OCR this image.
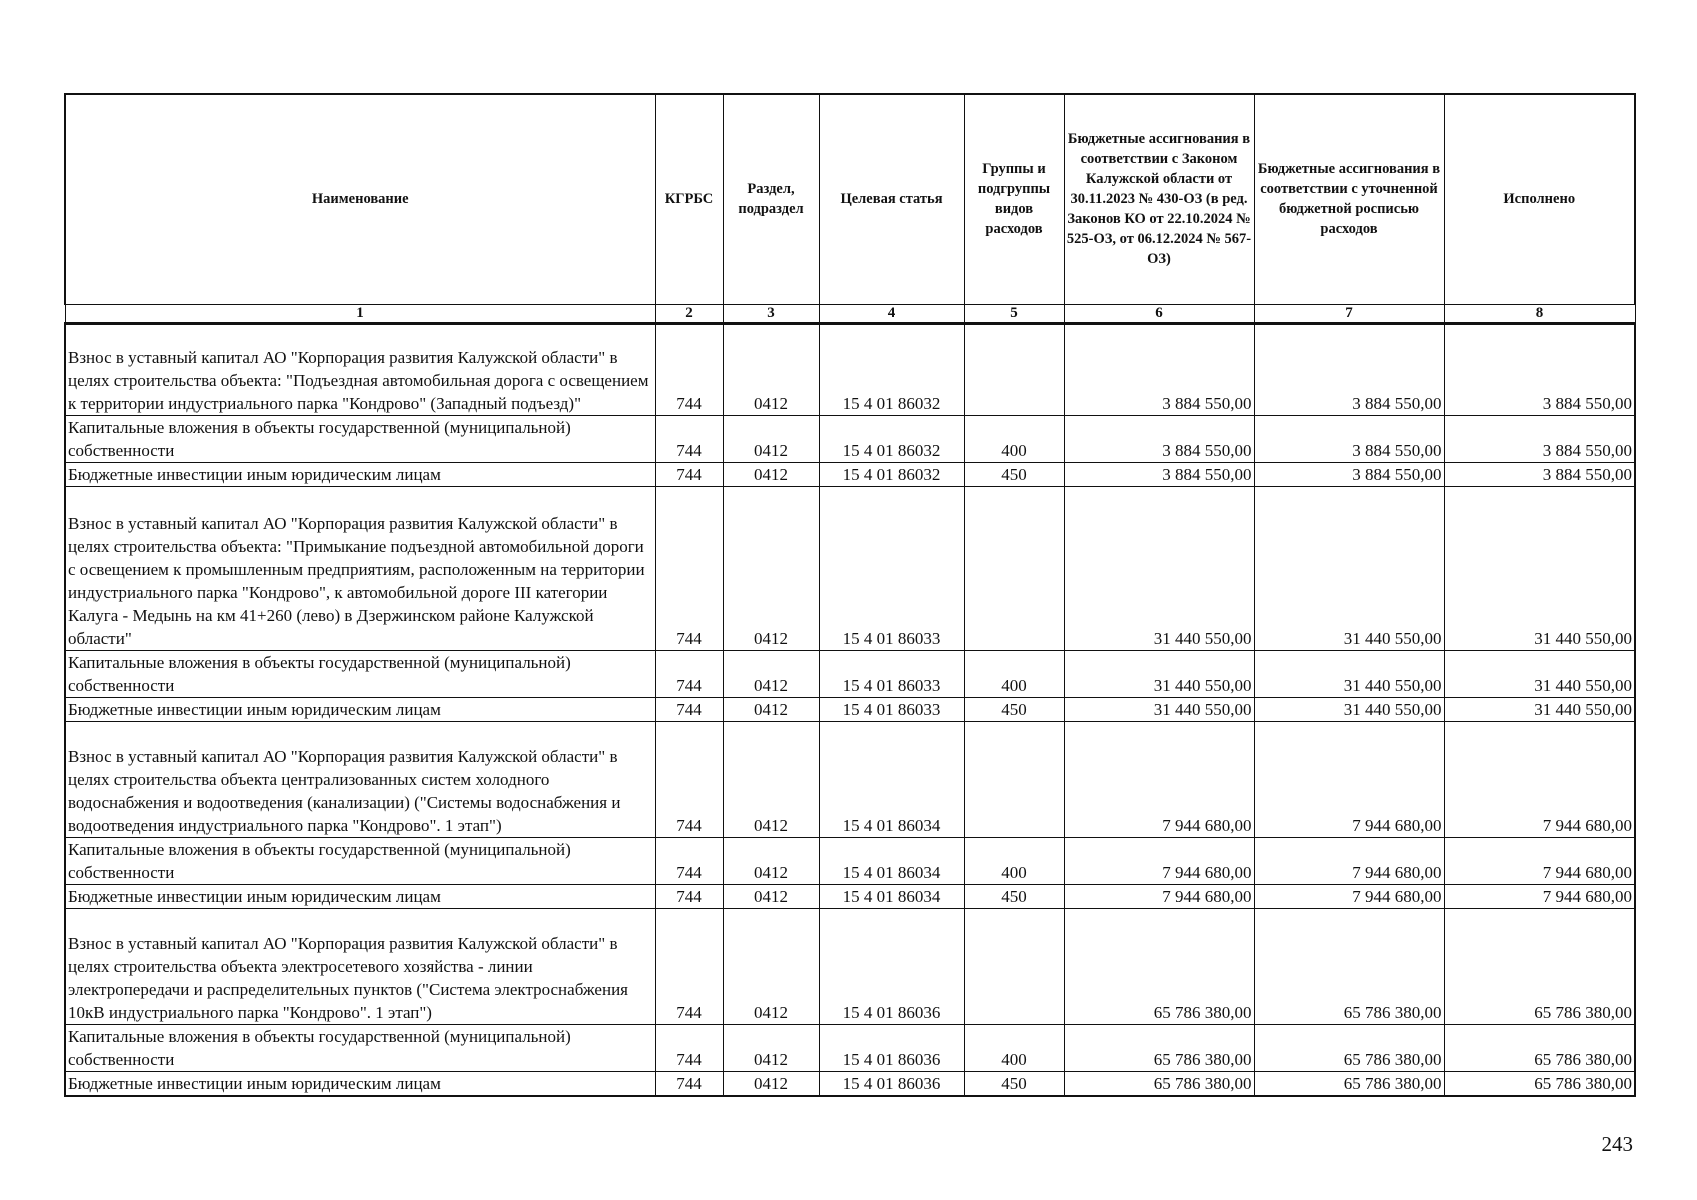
Наименование	КГРБС	Раздел, подраздел	Целевая статья	Группы и подгруппы видов расходов	Бюджетные ассигнования в соответствии с Законом Калужской области от 30.11.2023 № 430-ОЗ (в ред. Законов КО от 22.10.2024 № 525-ОЗ, от 06.12.2024 № 567-ОЗ)	Бюджетные ассигнования в соответствии с уточненной бюджетной росписью расходов	Исполнено
1	2	3	4	5	6	7	8
Взнос в уставный капитал АО "Корпорация развития Калужской области" в целях строительства объекта: "Подъездная автомобильная дорога с освещением к территории индустриального парка "Кондрово" (Западный подъезд)"	744	0412	15 4 01 86032		3 884 550,00	3 884 550,00	3 884 550,00
Капитальные вложения в объекты государственной (муниципальной) собственности	744	0412	15 4 01 86032	400	3 884 550,00	3 884 550,00	3 884 550,00
Бюджетные инвестиции иным юридическим лицам	744	0412	15 4 01 86032	450	3 884 550,00	3 884 550,00	3 884 550,00
Взнос в уставный капитал АО "Корпорация развития Калужской области" в целях строительства объекта: "Примыкание подъездной автомобильной дороги с освещением к промышленным предприятиям, расположенным на территории индустриального парка "Кондрово", к автомобильной дороге III категории Калуга - Медынь на км 41+260 (лево) в Дзержинском районе Калужской области"	744	0412	15 4 01 86033		31 440 550,00	31 440 550,00	31 440 550,00
Капитальные вложения в объекты государственной (муниципальной) собственности	744	0412	15 4 01 86033	400	31 440 550,00	31 440 550,00	31 440 550,00
Бюджетные инвестиции иным юридическим лицам	744	0412	15 4 01 86033	450	31 440 550,00	31 440 550,00	31 440 550,00
Взнос в уставный капитал АО "Корпорация развития Калужской области" в целях строительства объекта централизованных систем холодного водоснабжения и водоотведения (канализации) ("Системы водоснабжения и водоотведения индустриального парка "Кондрово". 1 этап")	744	0412	15 4 01 86034		7 944 680,00	7 944 680,00	7 944 680,00
Капитальные вложения в объекты государственной (муниципальной) собственности	744	0412	15 4 01 86034	400	7 944 680,00	7 944 680,00	7 944 680,00
Бюджетные инвестиции иным юридическим лицам	744	0412	15 4 01 86034	450	7 944 680,00	7 944 680,00	7 944 680,00
Взнос в уставный капитал АО "Корпорация развития Калужской области" в целях строительства объекта электросетевого хозяйства - линии электропередачи и распределительных пунктов ("Система электроснабжения 10кВ индустриального парка "Кондрово". 1 этап")	744	0412	15 4 01 86036		65 786 380,00	65 786 380,00	65 786 380,00
Капитальные вложения в объекты государственной (муниципальной) собственности	744	0412	15 4 01 86036	400	65 786 380,00	65 786 380,00	65 786 380,00
Бюджетные инвестиции иным юридическим лицам	744	0412	15 4 01 86036	450	65 786 380,00	65 786 380,00	65 786 380,00
243
